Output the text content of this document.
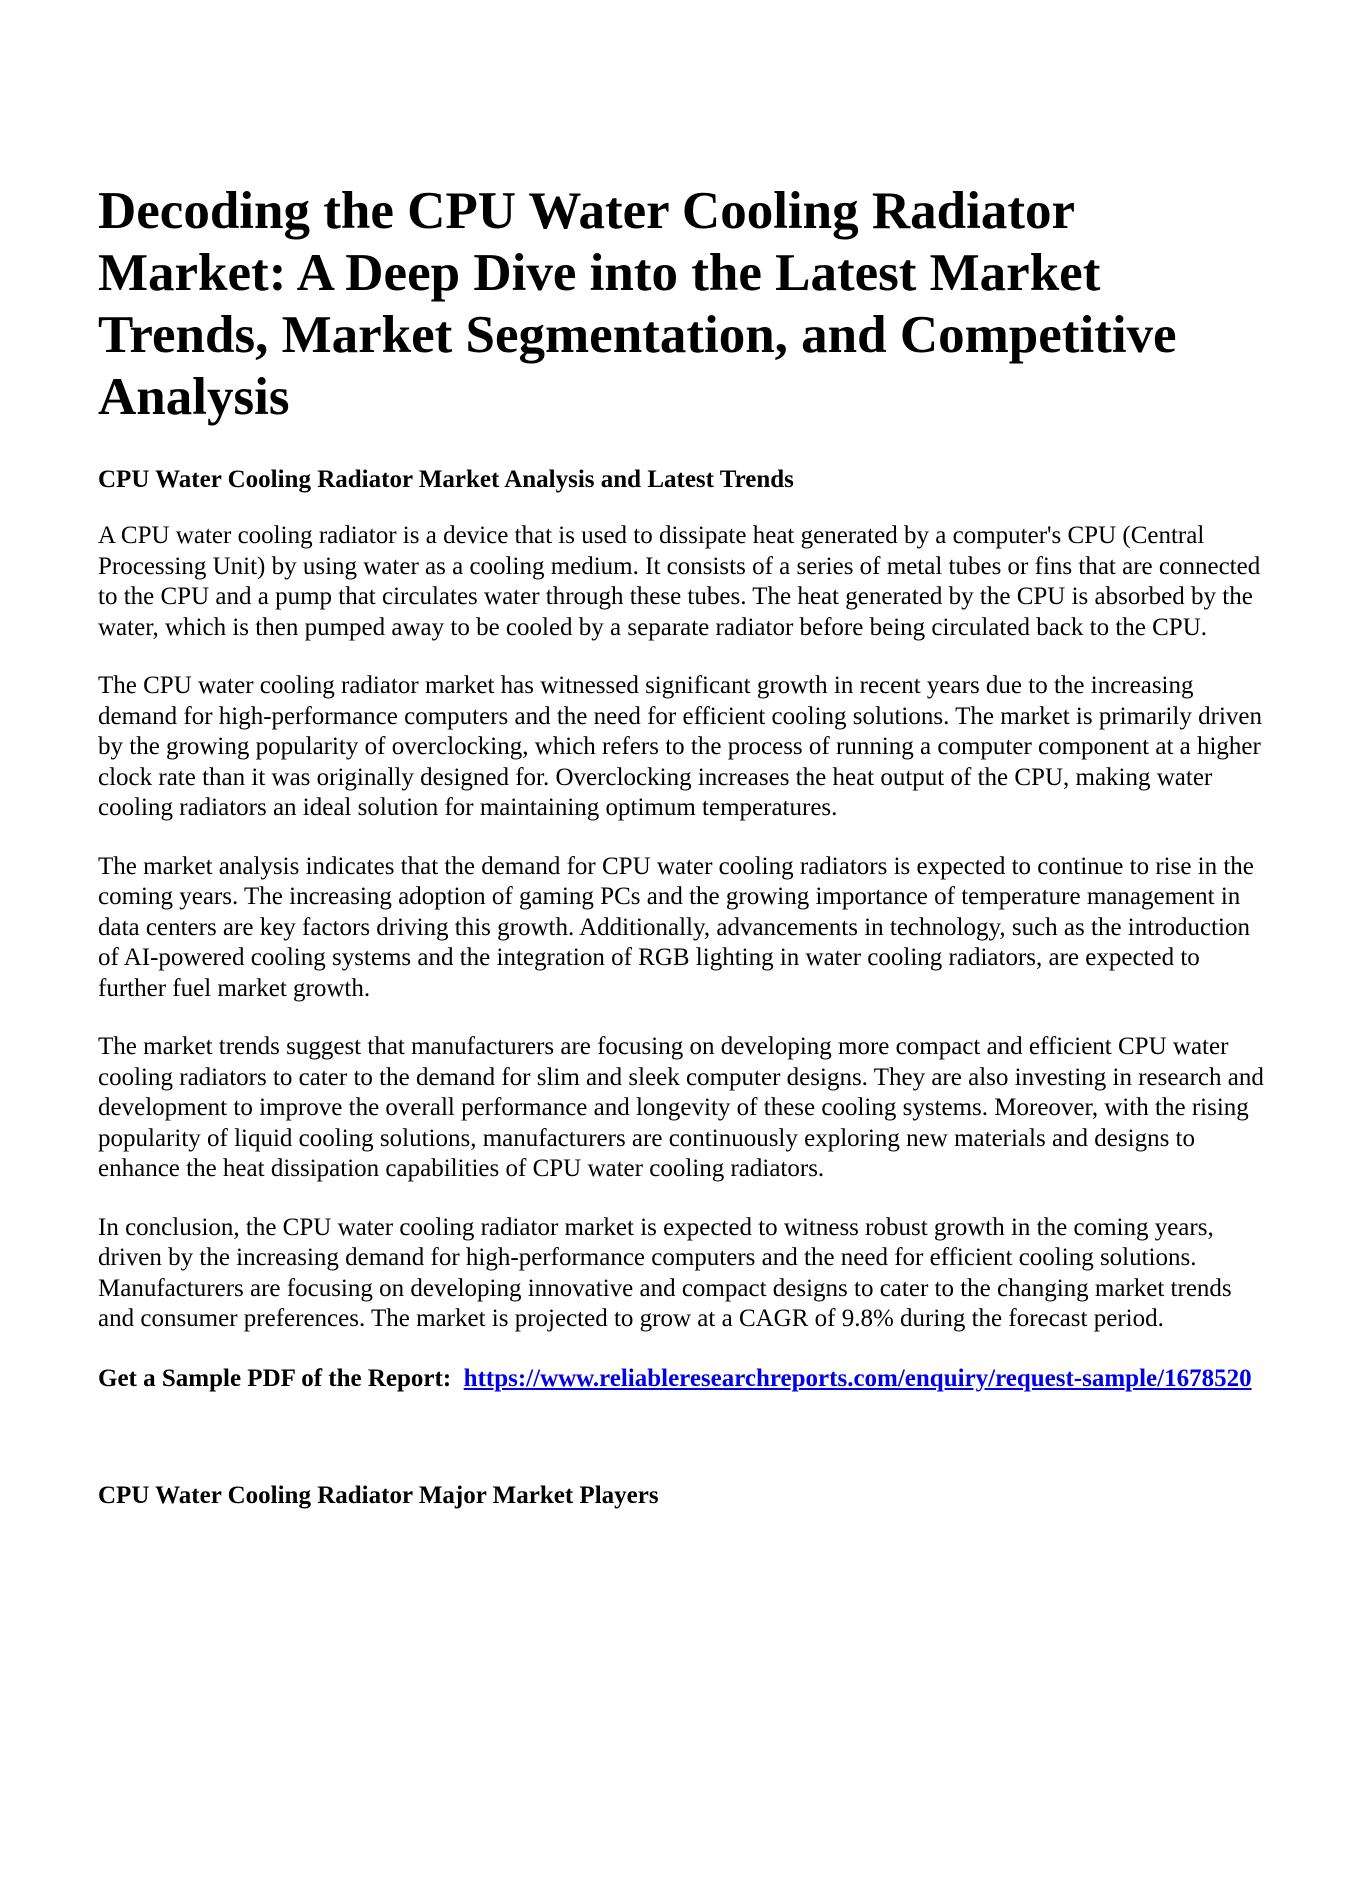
Decoding the CPU Water Cooling Radiator Market: A Deep Dive into the Latest Market Trends, Market Segmentation, and Competitive Analysis
CPU Water Cooling Radiator Market Analysis and Latest Trends

A CPU water cooling radiator is a device that is used to dissipate heat generated by a computer's CPU (Central Processing Unit) by using water as a cooling medium. It consists of a series of metal tubes or fins that are connected to the CPU and a pump that circulates water through these tubes. The heat generated by the CPU is absorbed by the water, which is then pumped away to be cooled by a separate radiator before being circulated back to the CPU.

The CPU water cooling radiator market has witnessed significant growth in recent years due to the increasing demand for high-performance computers and the need for efficient cooling solutions. The market is primarily driven by the growing popularity of overclocking, which refers to the process of running a computer component at a higher clock rate than it was originally designed for. Overclocking increases the heat output of the CPU, making water cooling radiators an ideal solution for maintaining optimum temperatures.

The market analysis indicates that the demand for CPU water cooling radiators is expected to continue to rise in the coming years. The increasing adoption of gaming PCs and the growing importance of temperature management in data centers are key factors driving this growth. Additionally, advancements in technology, such as the introduction of AI-powered cooling systems and the integration of RGB lighting in water cooling radiators, are expected to further fuel market growth.

The market trends suggest that manufacturers are focusing on developing more compact and efficient CPU water cooling radiators to cater to the demand for slim and sleek computer designs. They are also investing in research and development to improve the overall performance and longevity of these cooling systems. Moreover, with the rising popularity of liquid cooling solutions, manufacturers are continuously exploring new materials and designs to enhance the heat dissipation capabilities of CPU water cooling radiators.

In conclusion, the CPU water cooling radiator market is expected to witness robust growth in the coming years, driven by the increasing demand for high-performance computers and the need for efficient cooling solutions. Manufacturers are focusing on developing innovative and compact designs to cater to the changing market trends and consumer preferences. The market is projected to grow at a CAGR of 9.8% during the forecast period.

Get a Sample PDF of the Report: https://www.reliableresearchreports.com/enquiry/request-sample/1678520

CPU Water Cooling Radiator Major Market Players
